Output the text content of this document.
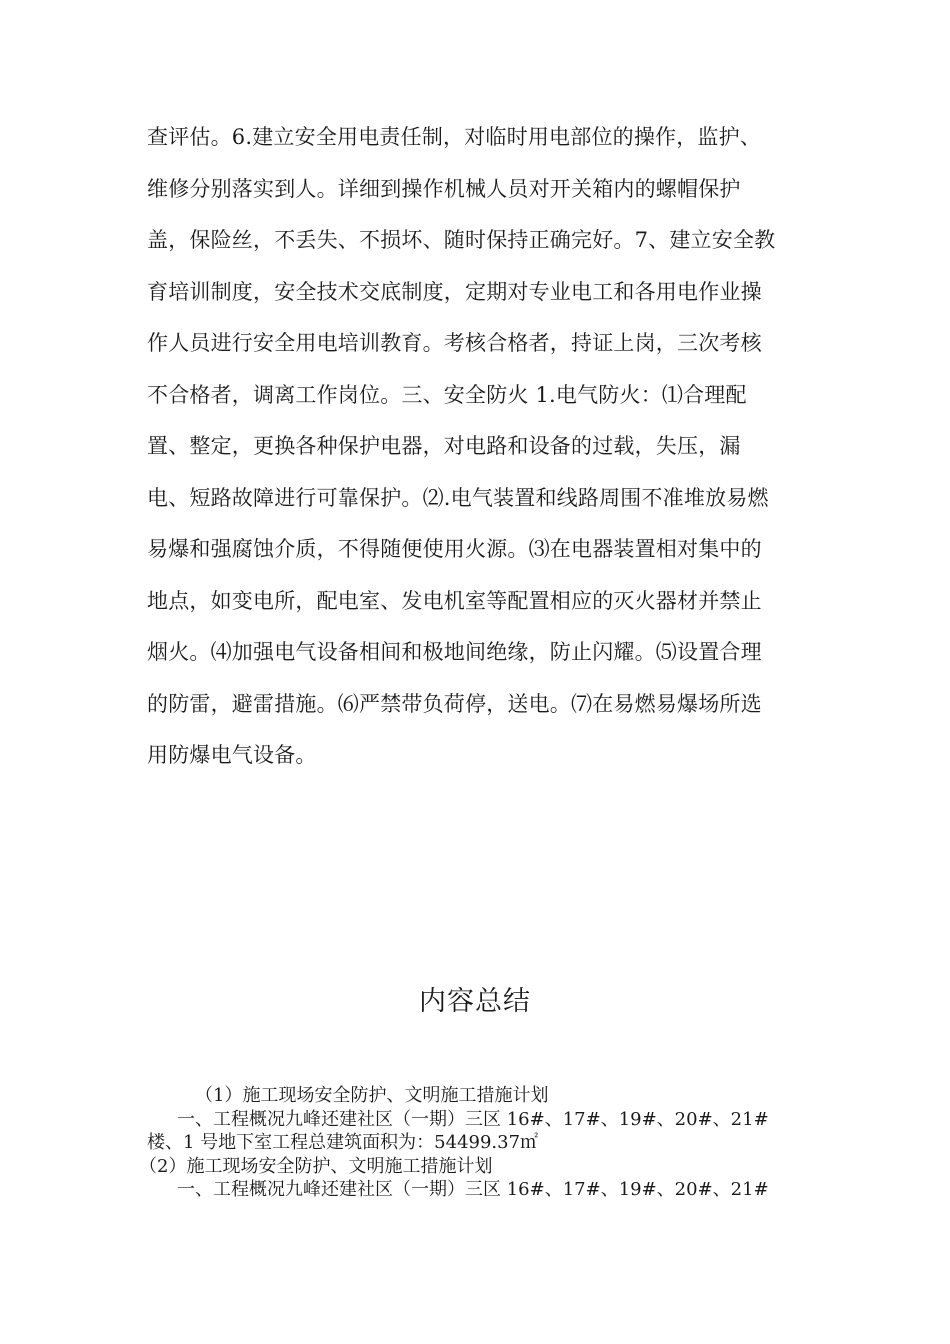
查评估。6.建立安全用电责任制，对临时用电部位的操作，监护、
维修分别落实到人。详细到操作机械人员对开关箱内的螺帽保护
盖，保险丝，不丢失、不损坏、随时保持正确完好。7、建立安全教
育培训制度，安全技术交底制度，定期对专业电工和各用电作业操
作人员进行安全用电培训教育。考核合格者，持证上岗，三次考核
不合格者，调离工作岗位。三、安全防火 1.电气防火：⑴合理配
置、整定，更换各种保护电器，对电路和设备的过载，失压，漏
电、短路故障进行可靠保护。⑵.电气装置和线路周围不准堆放易燃
易爆和强腐蚀介质，不得随便使用火源。⑶在电器装置相对集中的
地点，如变电所，配电室、发电机室等配置相应的灭火器材并禁止
烟火。⑷加强电气设备相间和极地间绝缘，防止闪耀。⑸设置合理
的防雷，避雷措施。⑹严禁带负荷停，送电。⑺在易燃易爆场所选
用防爆电气设备。
内容总结
（1）施工现场安全防护、文明施工措施计划
一、工程概况九峰还建社区（一期）三区 16#、17#、19#、20#、21#
楼、1 号地下室工程总建筑面积为：54499.37㎡
（2）施工现场安全防护、文明施工措施计划
一、工程概况九峰还建社区（一期）三区 16#、17#、19#、20#、21#
